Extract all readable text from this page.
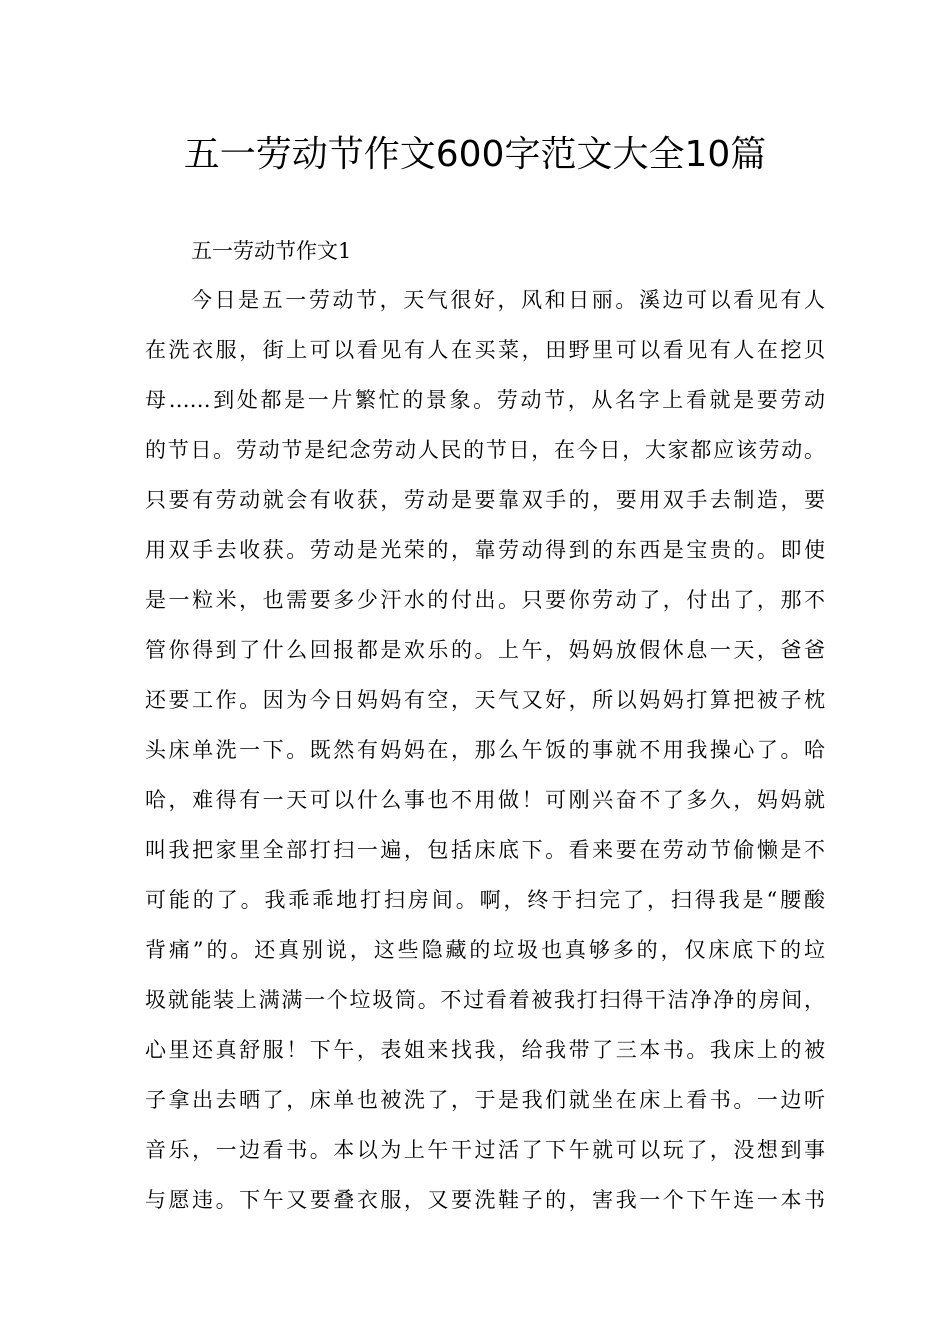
五一劳动节作文600字范文大全10篇
五一劳动节作文1
今日是五一劳动节，天气很好，风和日丽。溪边可以看见有人
在洗衣服，街上可以看见有人在买菜，田野里可以看见有人在挖贝
母……到处都是一片繁忙的景象。劳动节，从名字上看就是要劳动
的节日。劳动节是纪念劳动人民的节日，在今日，大家都应该劳动。
只要有劳动就会有收获，劳动是要靠双手的，要用双手去制造，要
用双手去收获。劳动是光荣的，靠劳动得到的东西是宝贵的。即使
是一粒米，也需要多少汗水的付出。只要你劳动了，付出了，那不
管你得到了什么回报都是欢乐的。上午，妈妈放假休息一天，爸爸
还要工作。因为今日妈妈有空，天气又好，所以妈妈打算把被子枕
头床单洗一下。既然有妈妈在，那么午饭的事就不用我操心了。哈
哈，难得有一天可以什么事也不用做！可刚兴奋不了多久，妈妈就
叫我把家里全部打扫一遍，包括床底下。看来要在劳动节偷懒是不
可能的了。我乖乖地打扫房间。啊，终于扫完了，扫得我是“腰酸
背痛”的。还真别说，这些隐藏的垃圾也真够多的，仅床底下的垃
圾就能装上满满一个垃圾筒。不过看着被我打扫得干洁净净的房间，
心里还真舒服！下午，表姐来找我，给我带了三本书。我床上的被
子拿出去晒了，床单也被洗了，于是我们就坐在床上看书。一边听
音乐，一边看书。本以为上午干过活了下午就可以玩了，没想到事
与愿违。下午又要叠衣服，又要洗鞋子的，害我一个下午连一本书
